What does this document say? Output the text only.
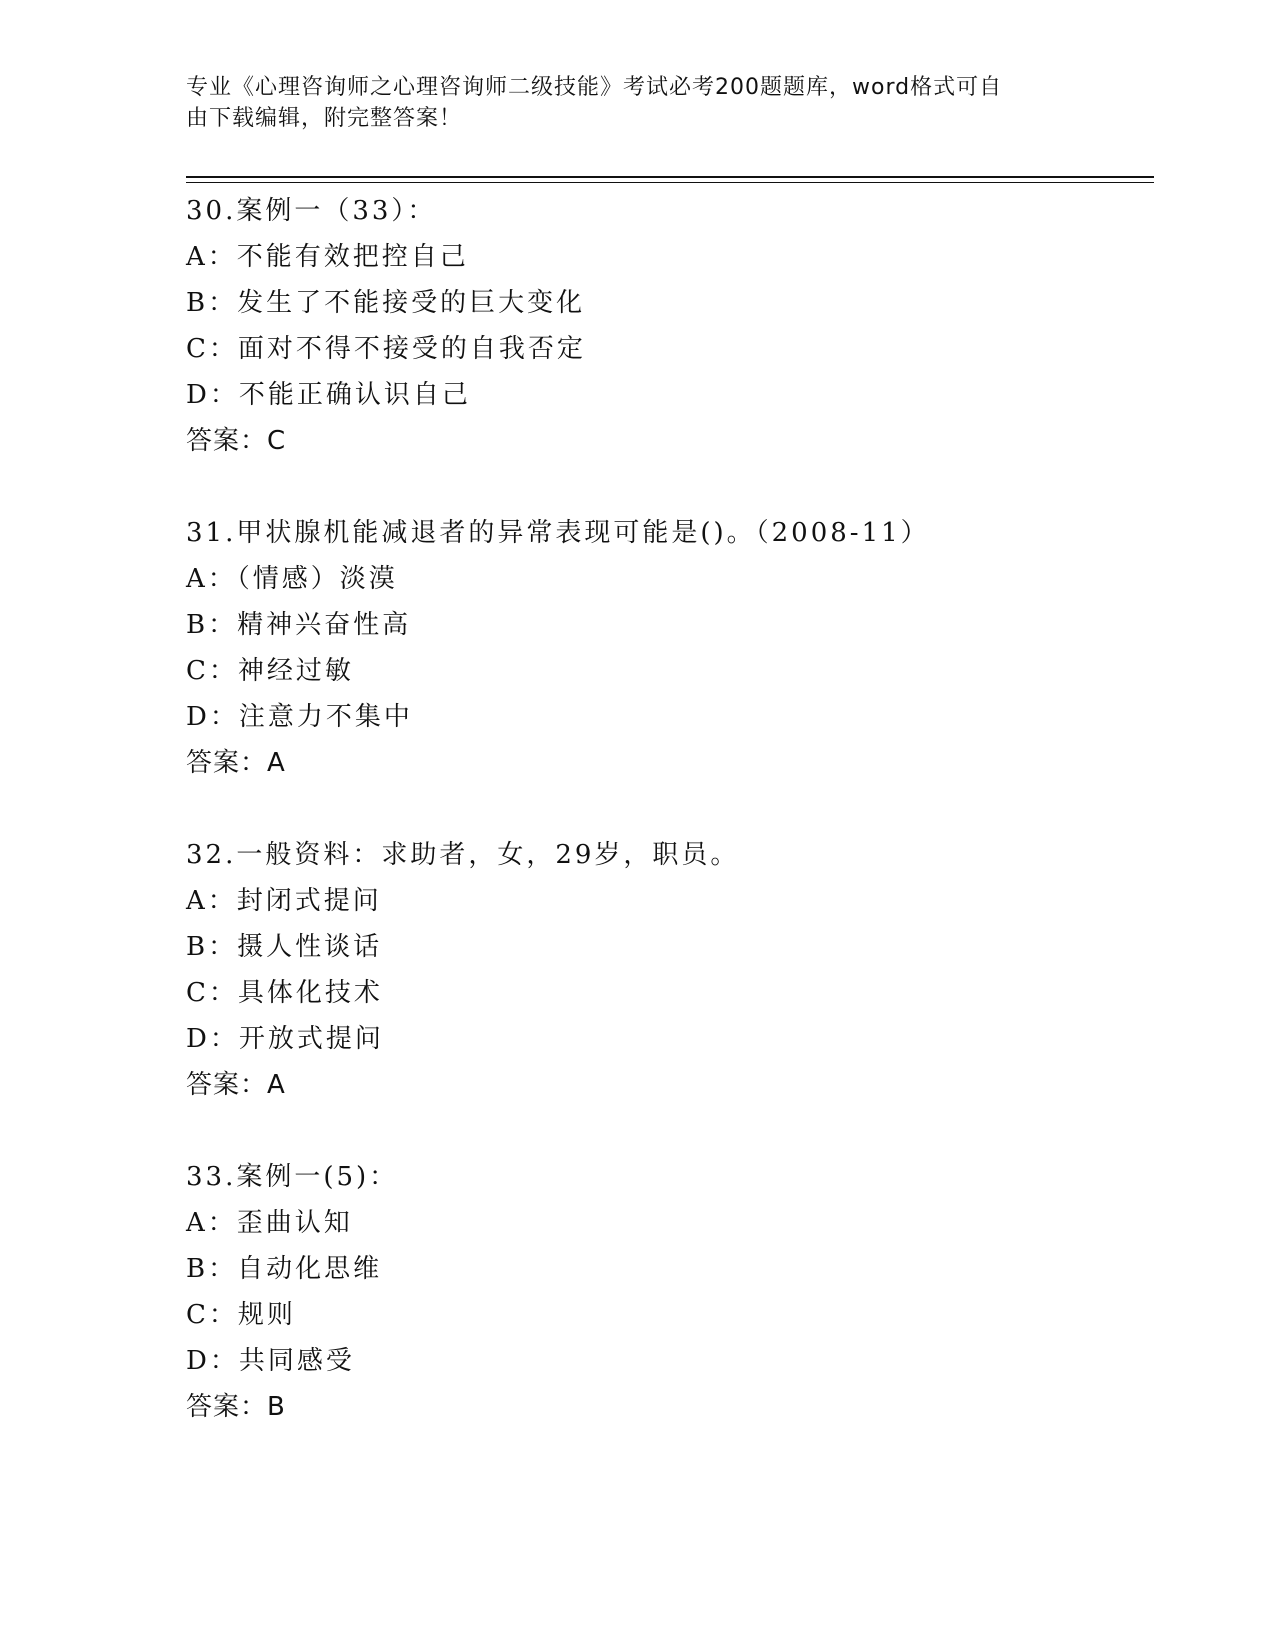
专业《心理咨询师之心理咨询师二级技能》考试必考200题题库，word格式可自
由下载编辑，附完整答案！
30.案例一（33）：
A：不能有效把控自己
B：发生了不能接受的巨大变化
C：面对不得不接受的自我否定
D：不能正确认识自己
答案：C
31.甲状腺机能减退者的异常表现可能是()。（2008-11）
A：（情感）淡漠
B：精神兴奋性高
C：神经过敏
D：注意力不集中
答案：A
32.一般资料：求助者，女，29岁，职员。
A：封闭式提问
B：摄人性谈话
C：具体化技术
D：开放式提问
答案：A
33.案例一(5)：
A：歪曲认知
B：自动化思维
C：规则
D：共同感受
答案：B
